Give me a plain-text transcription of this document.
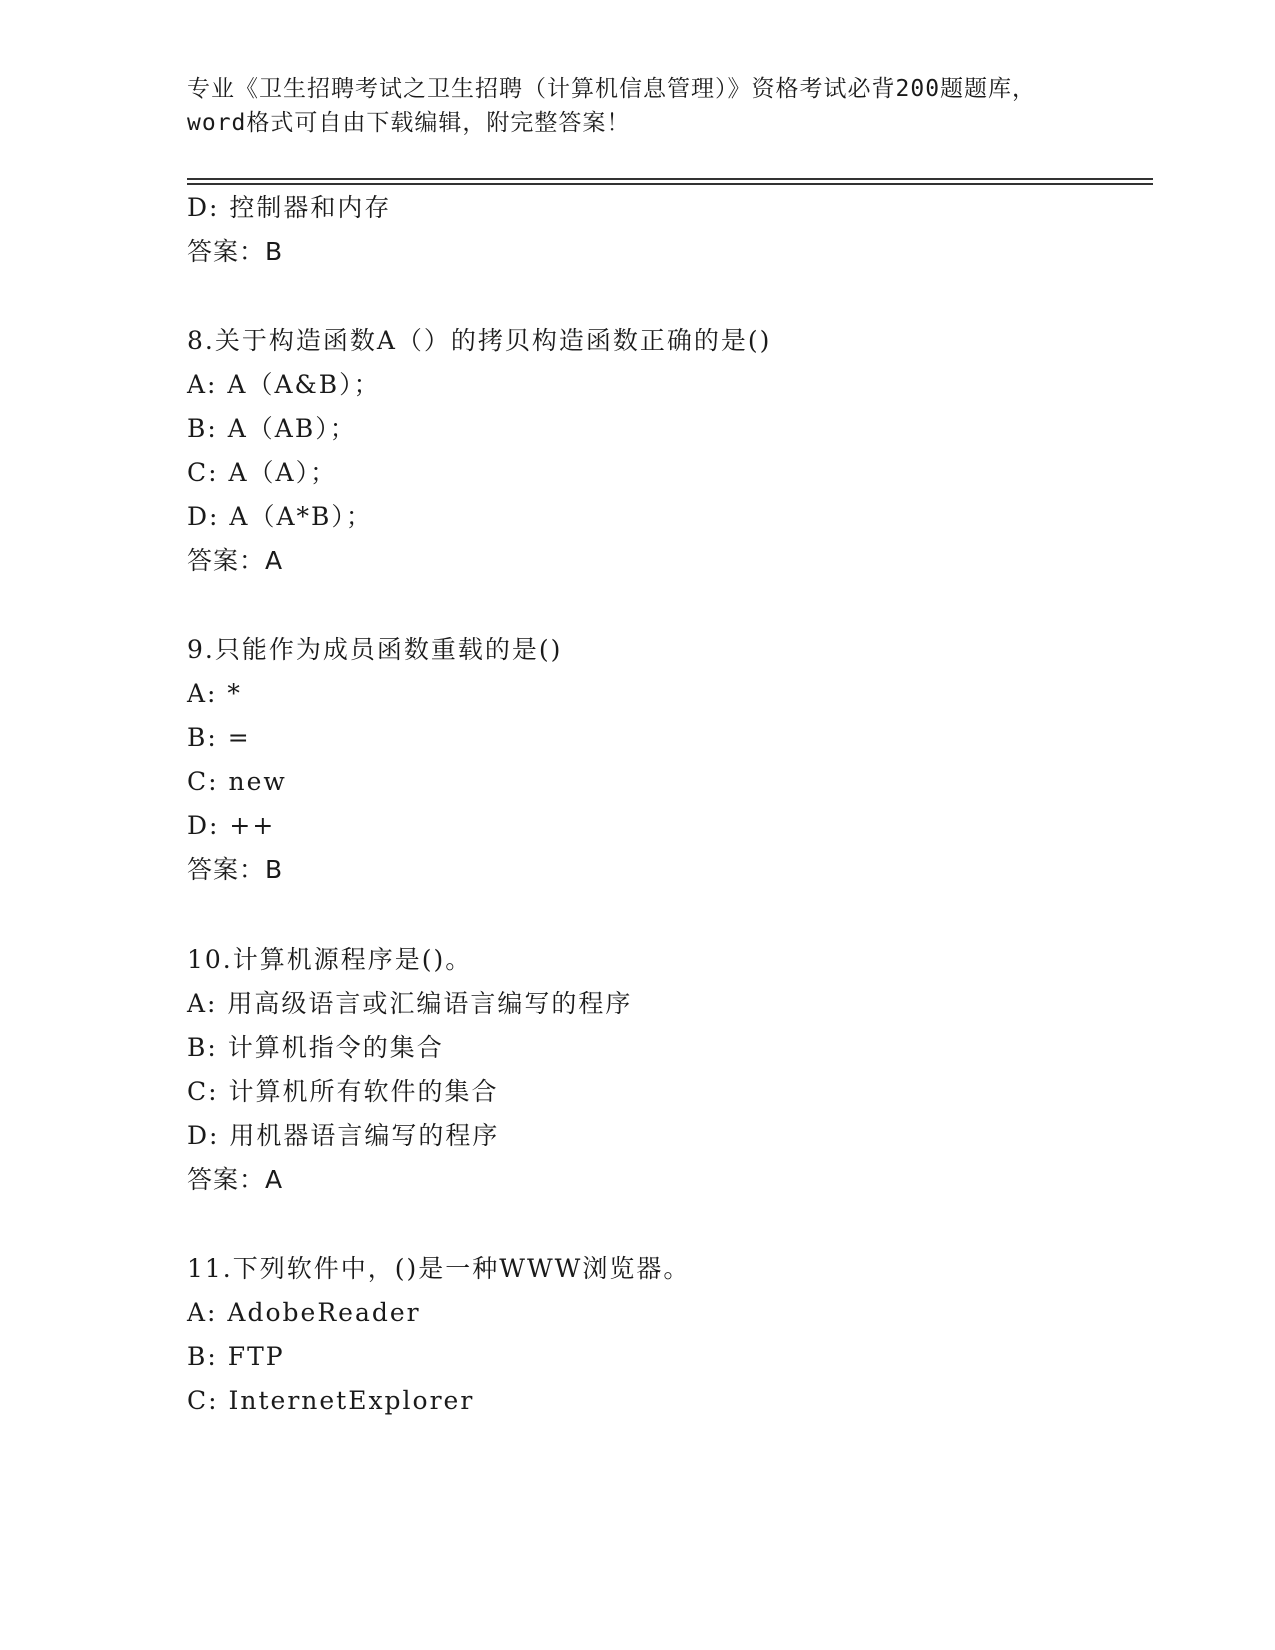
专业《卫生招聘考试之卫生招聘（计算机信息管理）》资格考试必背200题题库，
word格式可自由下载编辑，附完整答案！
D: 控制器和内存
答案：B
8.关于构造函数A（）的拷贝构造函数正确的是()
A: A（A&B）；
B: A（AB）；
C: A（A）；
D: A（A*B）；
答案：A
9.只能作为成员函数重载的是()
A: *
B: =
C: new
D: ++
答案：B
10.计算机源程序是()。
A: 用高级语言或汇编语言编写的程序
B: 计算机指令的集合
C: 计算机所有软件的集合
D: 用机器语言编写的程序
答案：A
11.下列软件中，()是一种WWW浏览器。
A: AdobeReader
B: FTP
C: InternetExplorer
